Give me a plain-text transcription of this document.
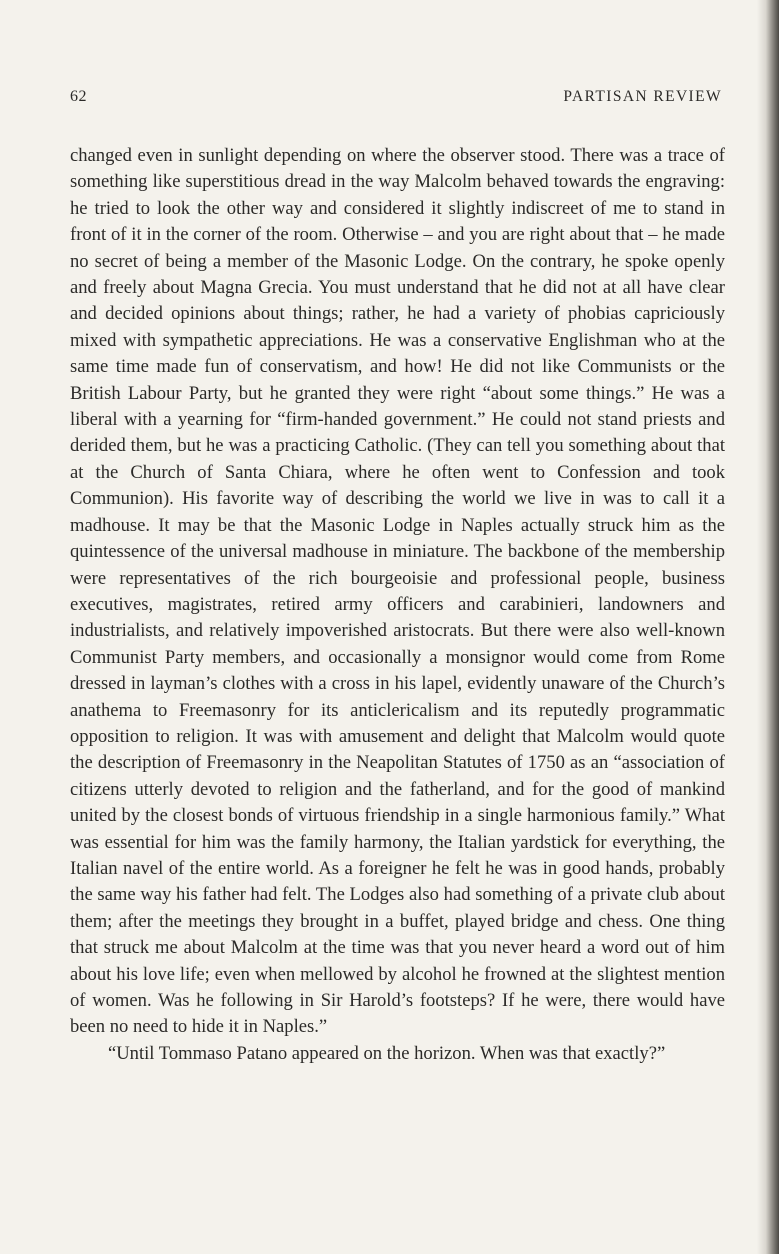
62	PARTISAN REVIEW

changed even in sunlight depending on where the observer stood. There was a trace of something like superstitious dread in the way Malcolm behaved towards the engraving: he tried to look the other way and considered it slightly indiscreet of me to stand in front of it in the corner of the room. Otherwise – and you are right about that – he made no secret of being a member of the Masonic Lodge. On the contrary, he spoke openly and freely about Magna Grecia. You must understand that he did not at all have clear and decided opinions about things; rather, he had a variety of phobias capriciously mixed with sympathetic appreciations. He was a conservative Englishman who at the same time made fun of conservatism, and how! He did not like Communists or the British Labour Party, but he granted they were right “about some things.” He was a liberal with a yearning for “firm-handed government.” He could not stand priests and derided them, but he was a practicing Catholic. (They can tell you something about that at the Church of Santa Chiara, where he often went to Confession and took Communion). His favorite way of describing the world we live in was to call it a madhouse. It may be that the Masonic Lodge in Naples actually struck him as the quintessence of the universal madhouse in miniature. The backbone of the membership were representatives of the rich bourgeoisie and professional people, business executives, magistrates, retired army officers and carabinieri, landowners and industrialists, and relatively impoverished aristocrats. But there were also well-known Communist Party members, and occasionally a monsignor would come from Rome dressed in layman’s clothes with a cross in his lapel, evidently unaware of the Church’s anathema to Freemasonry for its anticlericalism and its reputedly programmatic opposition to religion. It was with amusement and delight that Malcolm would quote the description of Freemasonry in the Neapolitan Statutes of 1750 as an “association of citizens utterly devoted to religion and the fatherland, and for the good of mankind united by the closest bonds of virtuous friendship in a single harmonious family.” What was essential for him was the family harmony, the Italian yardstick for everything, the Italian navel of the entire world. As a foreigner he felt he was in good hands, probably the same way his father had felt. The Lodges also had something of a private club about them; after the meetings they brought in a buffet, played bridge and chess. One thing that struck me about Malcolm at the time was that you never heard a word out of him about his love life; even when mellowed by alcohol he frowned at the slightest mention of women. Was he following in Sir Harold’s footsteps? If he were, there would have been no need to hide it in Naples.”

“Until Tommaso Patano appeared on the horizon. When was that exactly?”
